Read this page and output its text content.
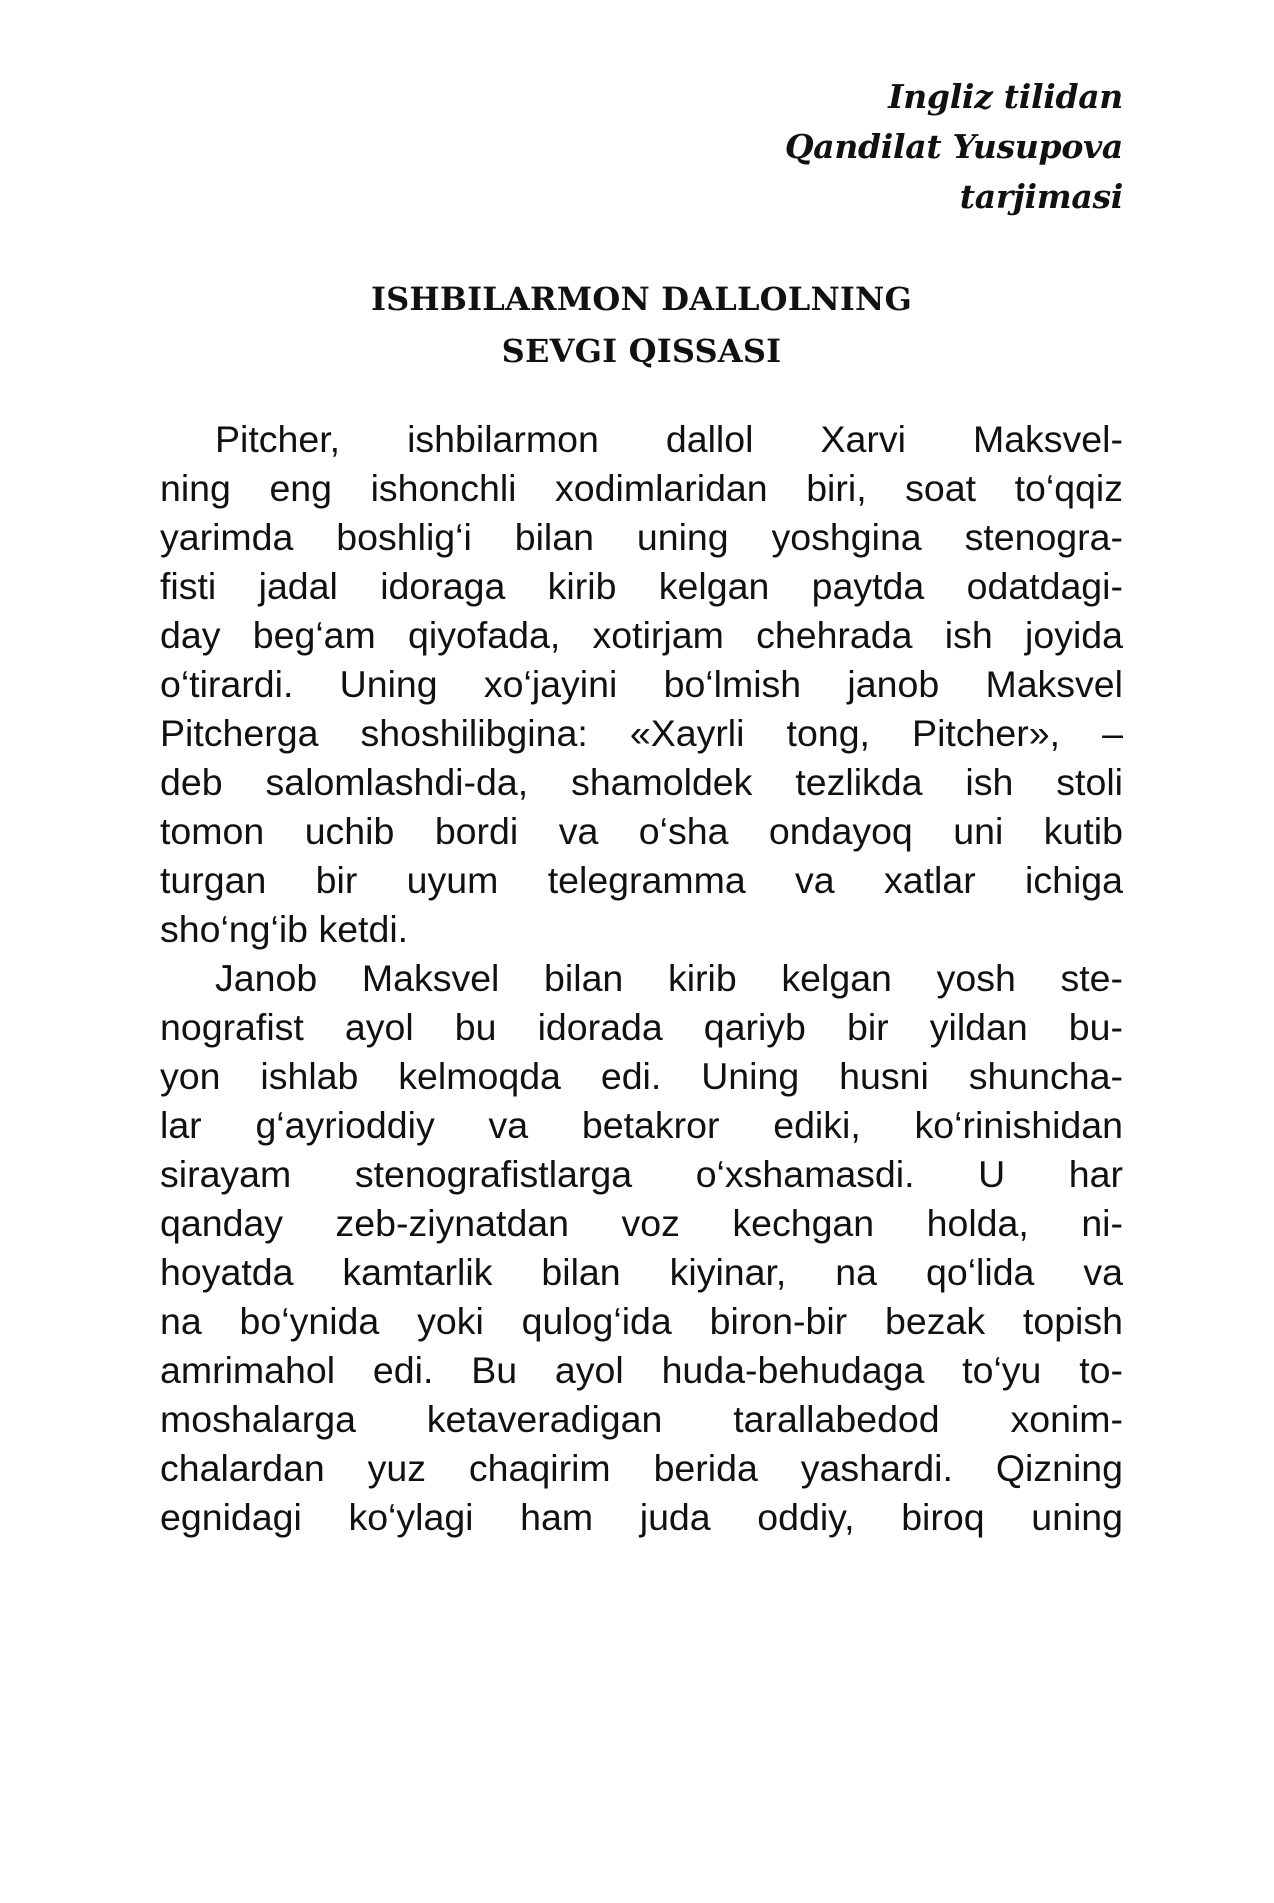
Ingliz tilidan
Qandilat Yusupova
tarjimasi
ISHBILARMON DALLOLNING
SEVGI QISSASI
Pitcher, ishbilarmon dallol Xarvi Maksvel-
ning eng ishonchli xodimlaridan biri, soat to‘qqiz
yarimda boshlig‘i bilan uning yoshgina stenogra-
fisti jadal idoraga kirib kelgan paytda odatdagi-
day beg‘am qiyofada, xotirjam chehrada ish joyida
o‘tirardi. Uning xo‘jayini bo‘lmish janob Maksvel
Pitcherga shoshilibgina: «Xayrli tong, Pitcher», –
deb salomlashdi-da, shamoldek tezlikda ish stoli
tomon uchib bordi va o‘sha ondayoq uni kutib
turgan bir uyum telegramma va xatlar ichiga
sho‘ng‘ib ketdi.
Janob Maksvel bilan kirib kelgan yosh ste-
nografist ayol bu idorada qariyb bir yildan bu-
yon ishlab kelmoqda edi. Uning husni shuncha-
lar g‘ayrioddiy va betakror ediki, ko‘rinishidan
sirayam stenografistlarga o‘xshamasdi. U har
qanday zeb-ziynatdan voz kechgan holda, ni-
hoyatda kamtarlik bilan kiyinar, na qo‘lida va
na bo‘ynida yoki qulog‘ida biron-bir bezak topish
amrimahol edi. Bu ayol huda-behudaga to‘yu to-
moshalarga ketaveradigan tarallabedod xonim-
chalardan yuz chaqirim berida yashardi. Qizning
egnidagi ko‘ylagi ham juda oddiy, biroq uning
